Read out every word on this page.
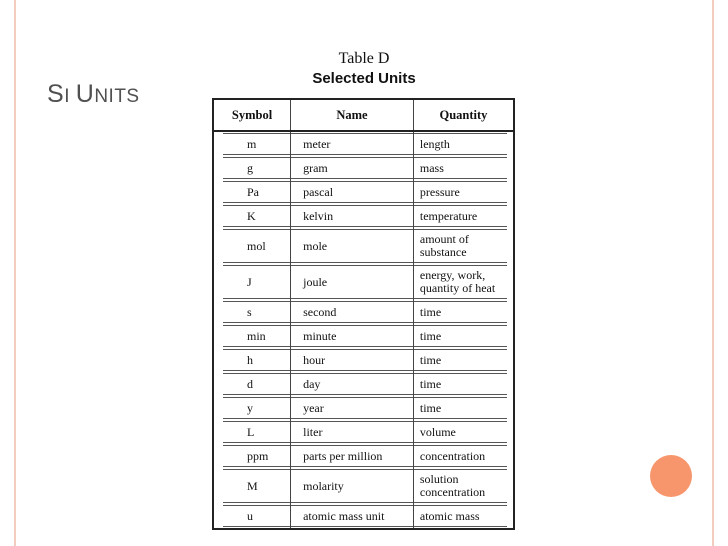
SI UNITS
Table D
Selected Units
Symbol	Name	Quantity

m	meter	length

g	gram	mass

Pa	pascal	pressure

K	kelvin	temperature

mol	mole	amount of
substance

J	joule	energy, work,
quantity of heat

s	second	time

min	minute	time

h	hour	time

d	day	time

y	year	time

L	liter	volume

ppm	parts per million	concentration

M	molarity	solution
concentration

u	atomic mass unit	atomic mass
